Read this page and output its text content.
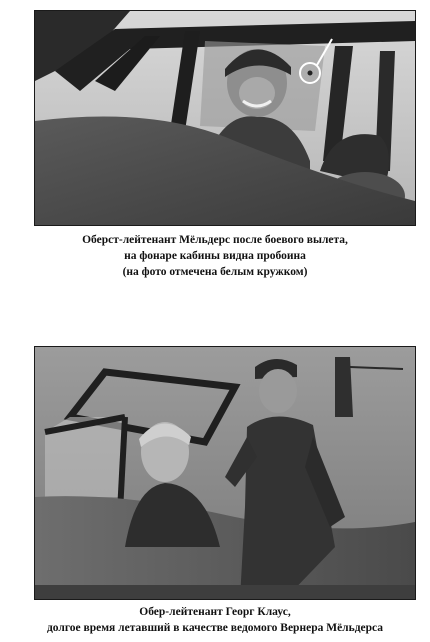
Оберст-лейтенант Мёльдерс после боевого вылета,
на фонаре кабины видна пробоина
(на фото отмечена белым кружком)

Обер-лейтенант Георг Клаус,
долгое время летавший в качестве ведомого Вернера Мёльдерса
